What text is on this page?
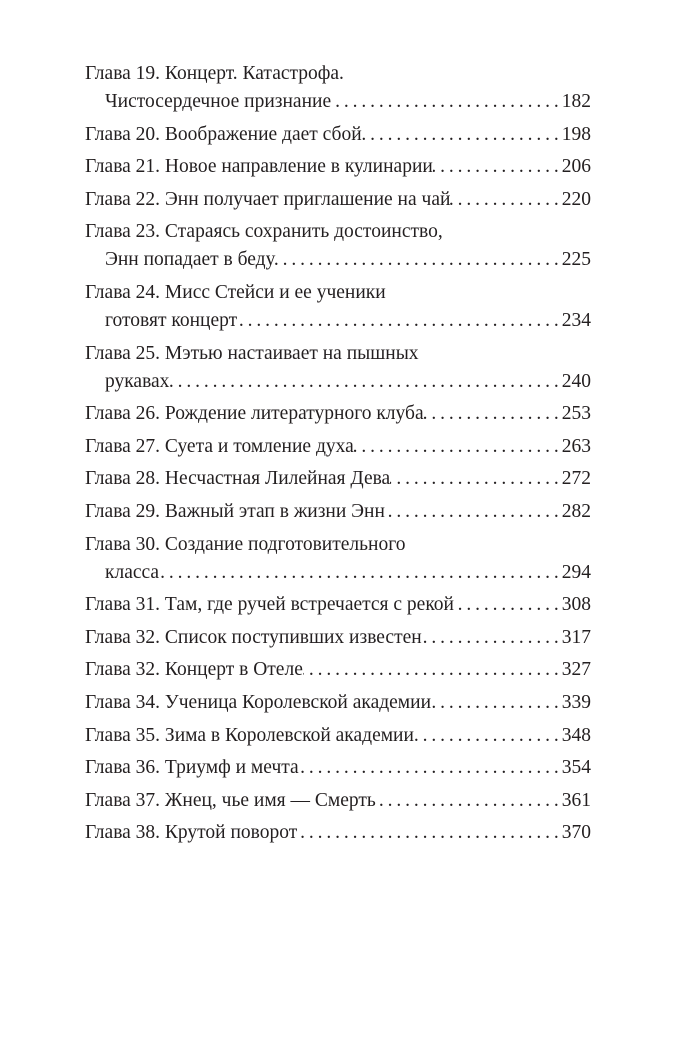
Глава 19. Концерт. Катастрофа.
Чистосердечное признание . . .	182
Глава 20. Воображение дает сбой . . .	198
Глава 21. Новое направление в кулинарии . . .	206
Глава 22. Энн получает приглашение на чай . . .	220
Глава 23. Стараясь сохранить достоинство,
Энн попадает в беду . . .	225
Глава 24. Мисс Стейси и ее ученики
готовят концерт . . .	234
Глава 25. Мэтью настаивает на пышных
рукавах . . .	240
Глава 26. Рождение литературного клуба . . .	253
Глава 27. Суета и томление духа . . .	263
Глава 28. Несчастная Лилейная Дева . . .	272
Глава 29. Важный этап в жизни Энн . . .	282
Глава 30. Создание подготовительного
класса . . .	294
Глава 31. Там, где ручей встречается с рекой . . .	308
Глава 32. Список поступивших известен . . .	317
Глава 32. Концерт в Отеле . . .	327
Глава 34. Ученица Королевской академии . . .	339
Глава 35. Зима в Королевской академии . . .	348
Глава 36. Триумф и мечта . . .	354
Глава 37. Жнец, чье имя — Смерть . . .	361
Глава 38. Крутой поворот . . .	370
